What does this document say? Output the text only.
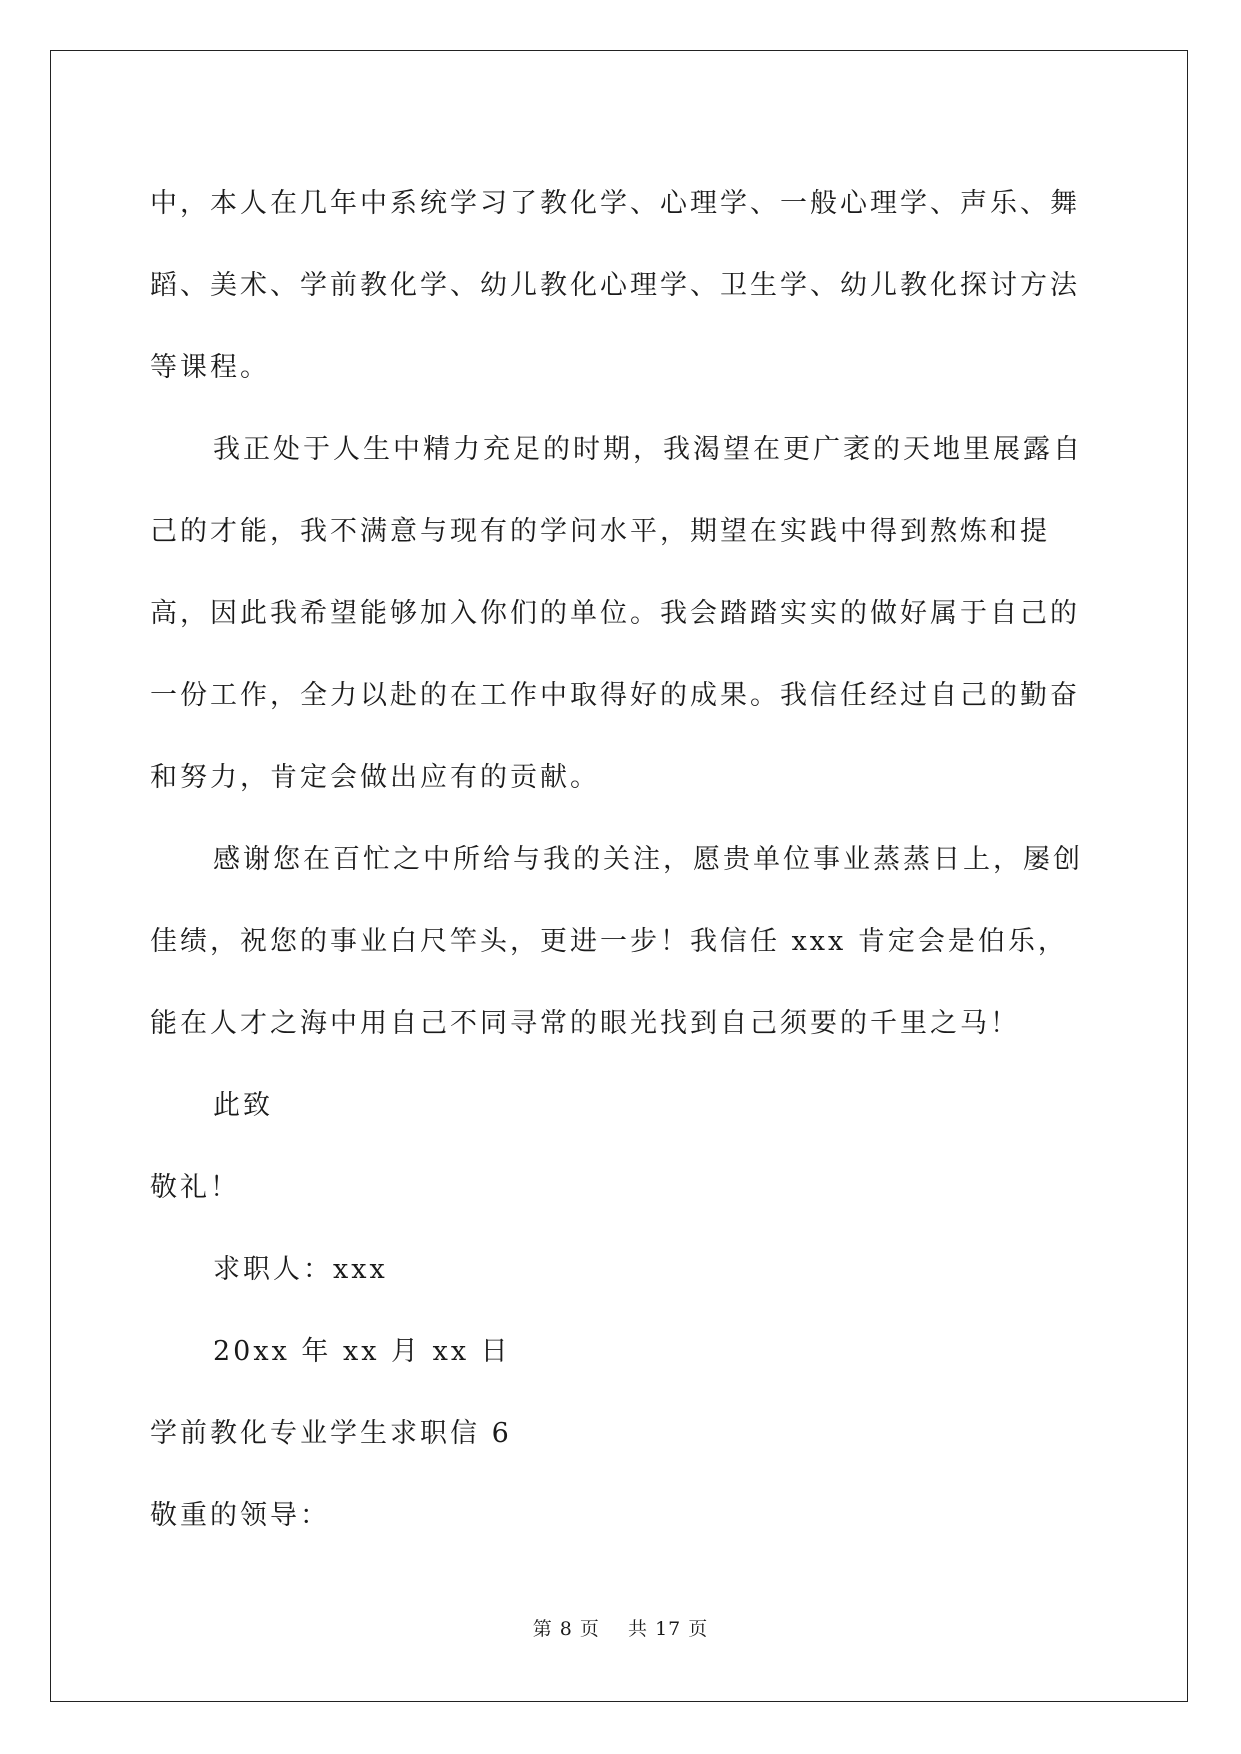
中，本人在几年中系统学习了教化学、心理学、一般心理学、声乐、舞蹈、美术、学前教化学、幼儿教化心理学、卫生学、幼儿教化探讨方法等课程。

我正处于人生中精力充足的时期，我渴望在更广袤的天地里展露自己的才能，我不满意与现有的学问水平，期望在实践中得到熬炼和提高，因此我希望能够加入你们的单位。我会踏踏实实的做好属于自己的一份工作，全力以赴的在工作中取得好的成果。我信任经过自己的勤奋和努力，肯定会做出应有的贡献。

感谢您在百忙之中所给与我的关注，愿贵单位事业蒸蒸日上，屡创佳绩，祝您的事业白尺竿头，更进一步！我信任 xxx 肯定会是伯乐，能在人才之海中用自己不同寻常的眼光找到自己须要的千里之马！

此致

敬礼！

求职人：xxx

20xx 年 xx 月 xx 日

学前教化专业学生求职信 6

敬重的领导：

第 8 页 共 17 页
